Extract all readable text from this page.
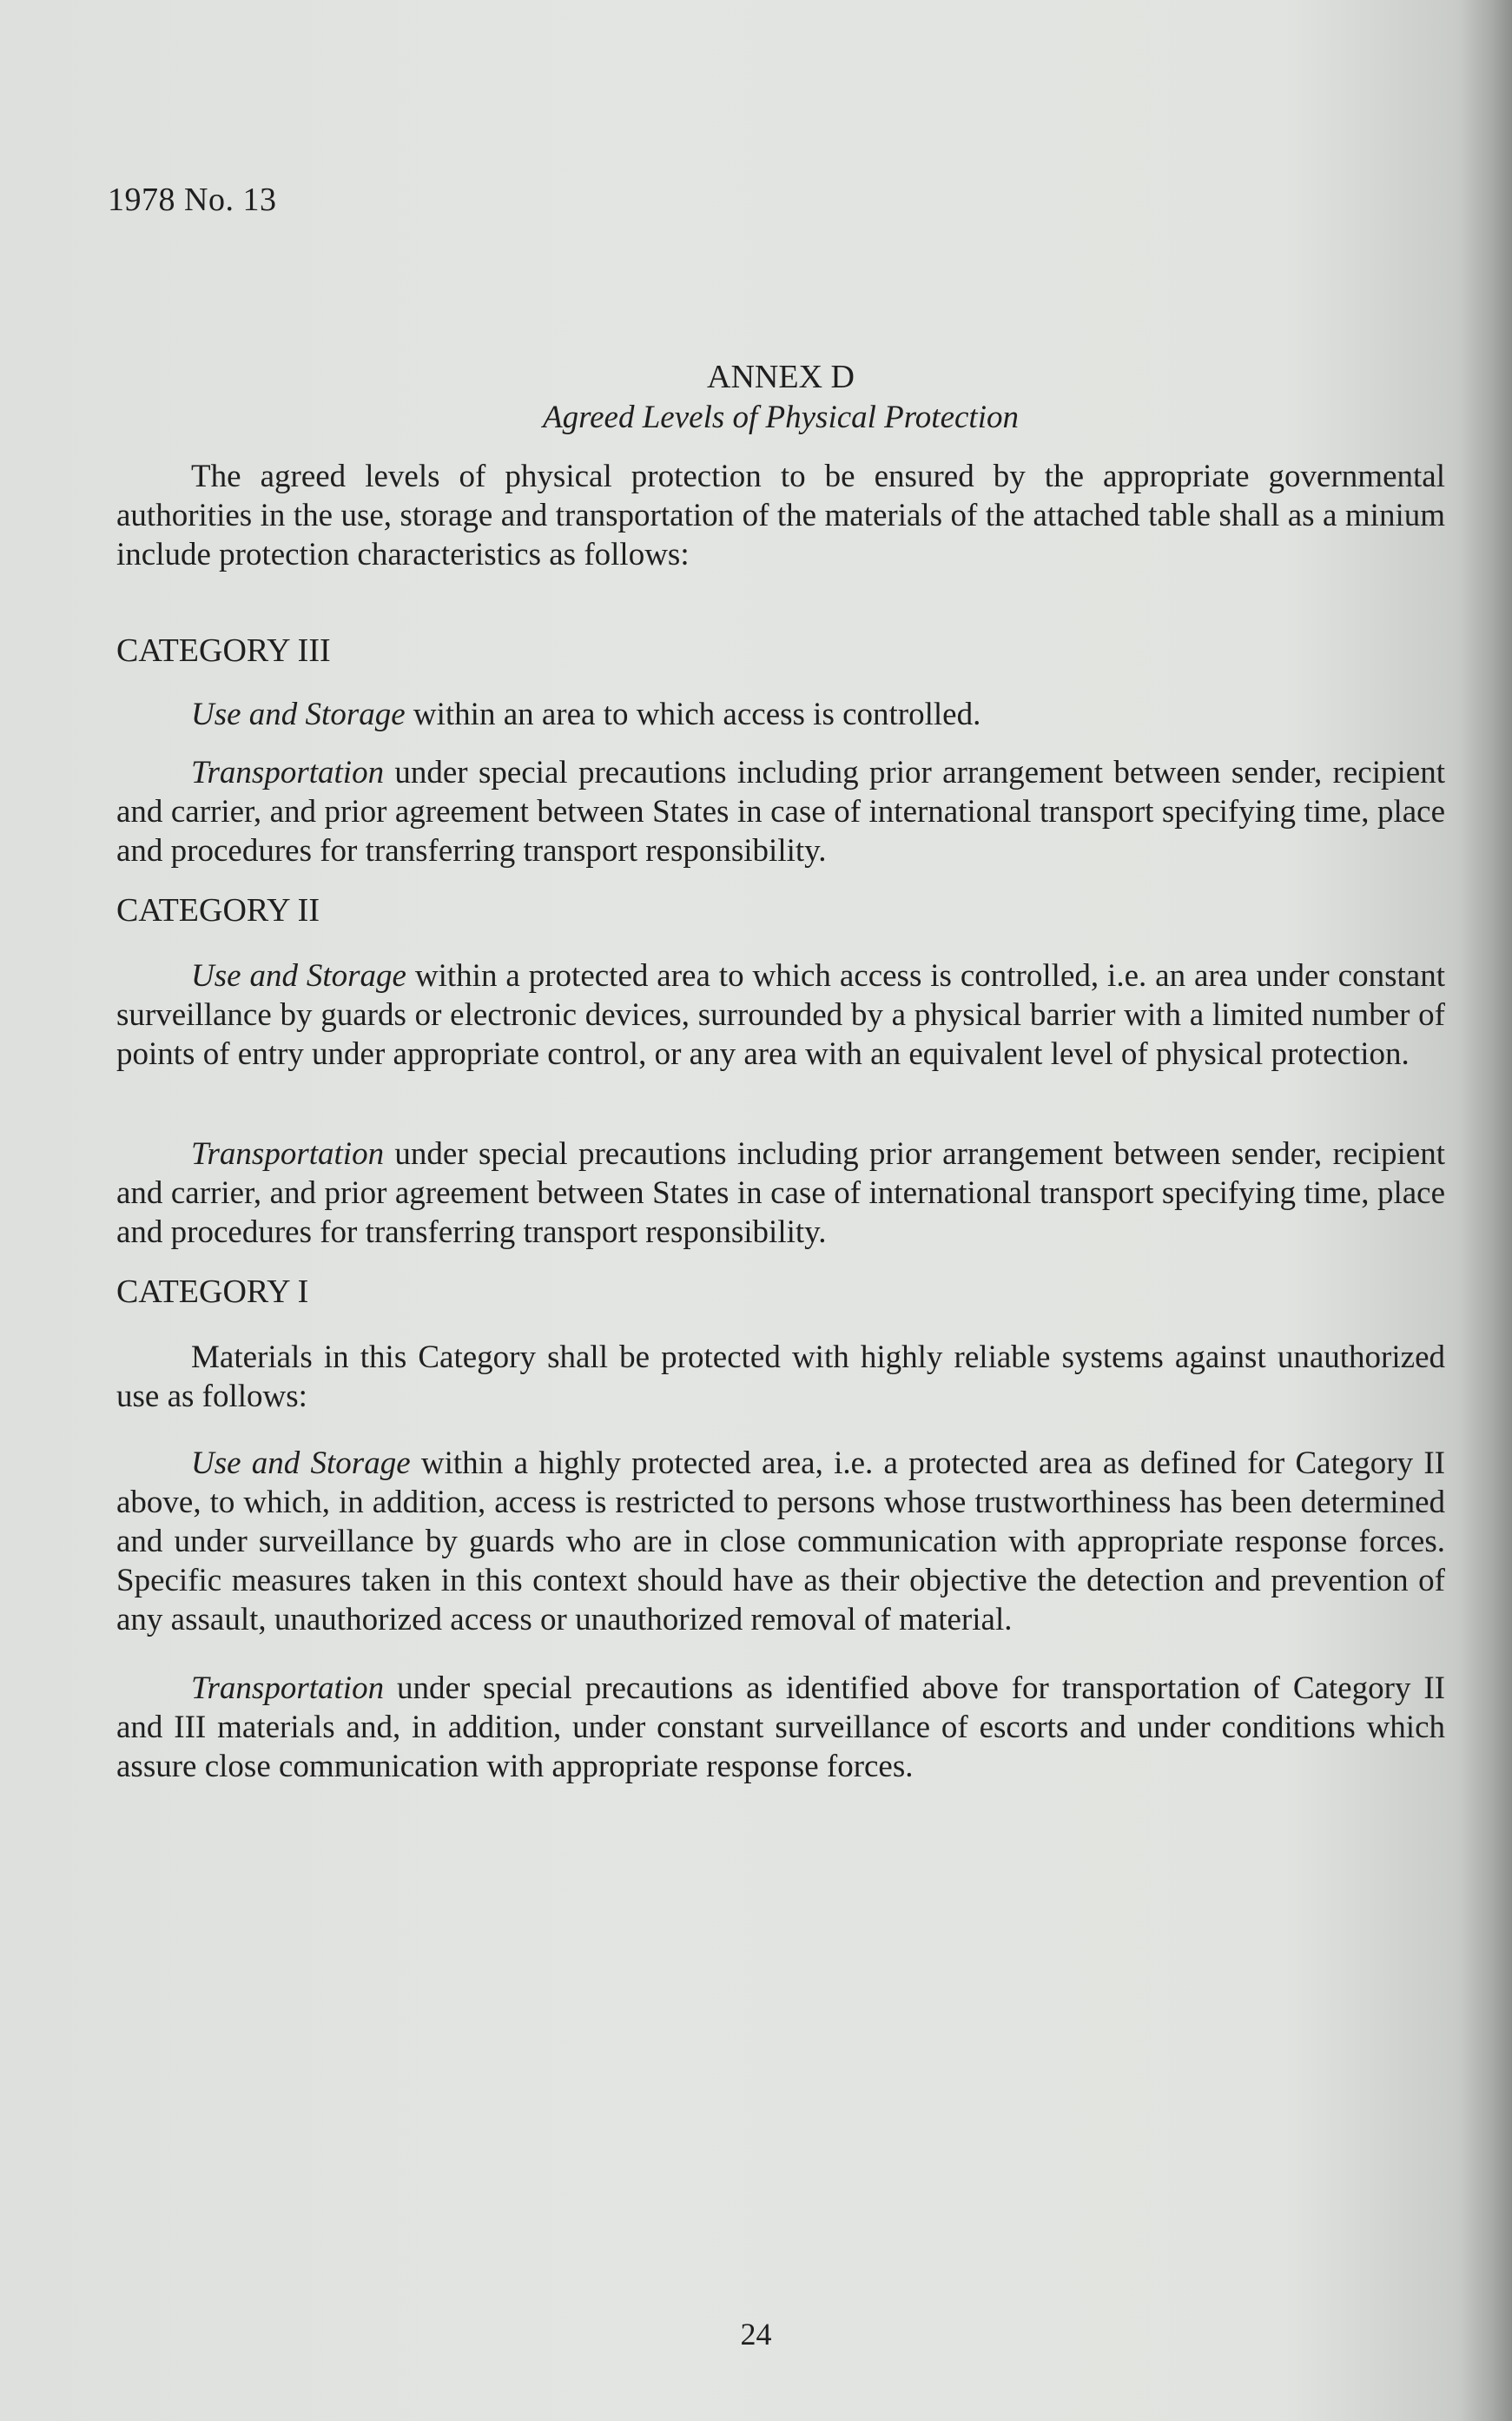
1978 No. 13

ANNEX D

Agreed Levels of Physical Protection

The agreed levels of physical protection to be ensured by the appropriate governmental authorities in the use, storage and transportation of the materials of the attached table shall as a minium include protection characteristics as follows:

CATEGORY III

Use and Storage within an area to which access is controlled.

Transportation under special precautions including prior arrangement between sender, recipient and carrier, and prior agreement between States in case of international transport specifying time, place and procedures for transferring transport responsibility.

CATEGORY II

Use and Storage within a protected area to which access is controlled, i.e. an area under constant surveillance by guards or electronic devices, surrounded by a physical barrier with a limited number of points of entry under appropriate control, or any area with an equivalent level of physical protection.

Transportation under special precautions including prior arrangement between sender, recipient and carrier, and prior agreement between States in case of international transport specifying time, place and procedures for transferring transport responsibility.

CATEGORY I

Materials in this Category shall be protected with highly reliable systems against unauthorized use as follows:

Use and Storage within a highly protected area, i.e. a protected area as defined for Category II above, to which, in addition, access is restricted to persons whose trustworthiness has been determined and under surveillance by guards who are in close communication with appropriate response forces. Specific measures taken in this context should have as their objective the detection and prevention of any assault, unauthorized access or unauthorized removal of material.

Transportation under special precautions as identified above for transportation of Category II and III materials and, in addition, under constant surveillance of escorts and under conditions which assure close communication with appropriate response forces.

24
